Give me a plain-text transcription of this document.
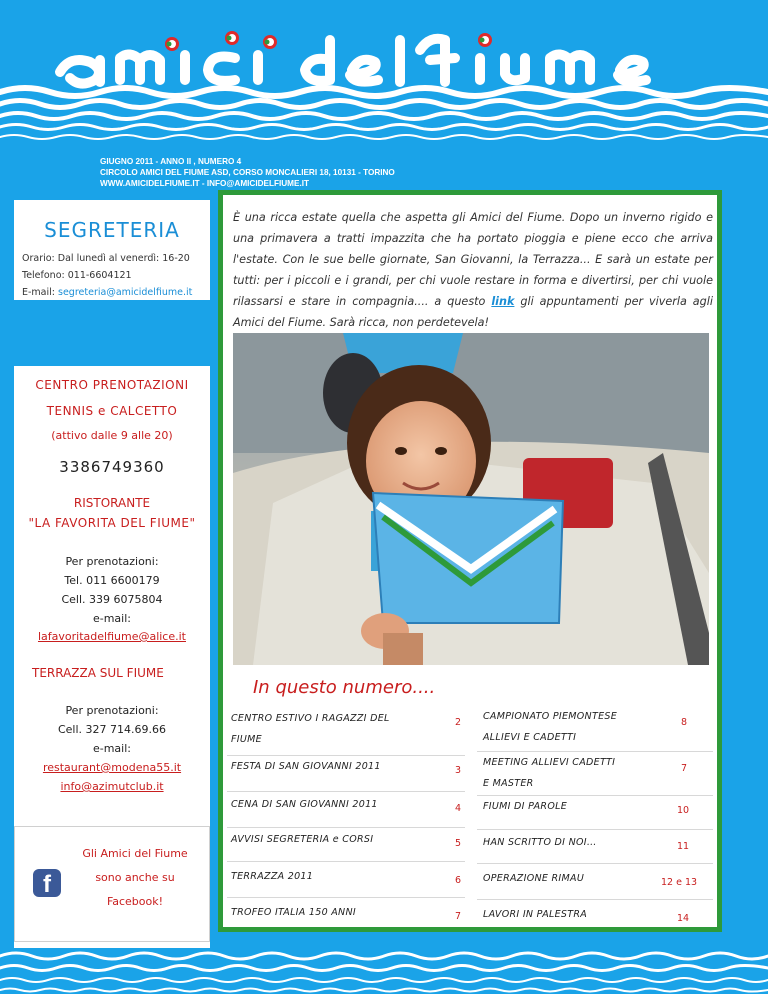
GIUGNO 2011 - ANNO II , NUMERO 4
CIRCOLO AMICI DEL FIUME ASD, CORSO MONCALIERI 18, 10131 - TORINO
WWW.AMICIDELFIUME.IT - INFO@AMICIDELFIUME.IT
SEGRETERIA
Orario: Dal lunedì al venerdì: 16-20
Telefono: 011-6604121
E-mail: segreteria@amicidelfiume.it
CENTRO PRENOTAZIONI
TENNIS e CALCETTO
(attivo dalle 9 alle 20)
3386749360
RISTORANTE
"LA FAVORITA DEL FIUME"
Per prenotazioni:
Tel. 011 6600179
Cell. 339 6075804
e-mail:
lafavoritadelfiume@alice.it
TERRAZZA SUL FIUME
Per prenotazioni:
Cell. 327 714.69.66
e-mail:
restaurant@modena55.it
info@azimutclub.it
f
Gli Amici del Fiume
sono anche su
Facebook!
È una ricca estate quella che aspetta gli Amici del Fiume. Dopo un inverno rigido e una primavera a tratti impazzita che ha portato pioggia e piene ecco che arriva l'estate. Con le sue belle giornate, San Giovanni, la Terrazza... E sarà un estate per tutti: per i piccoli e i grandi, per chi vuole restare in forma e divertirsi, per chi vuole rilassarsi e stare in compagnia.... a questo link gli appuntamenti per viverla agli Amici del Fiume. Sarà ricca, non perdetevela!
In questo numero....
CENTRO ESTIVO I RAGAZZI DEL
FIUME
2
FESTA DI SAN GIOVANNI 2011	3
CENA DI SAN GIOVANNI 2011	4
AVVISI SEGRETERIA e CORSI	5
TERRAZZA 2011	6
TROFEO ITALIA 150 ANNI	7
CAMPIONATO PIEMONTESE
ALLIEVI E CADETTI
8
MEETING ALLIEVI CADETTI
E MASTER
7
FIUMI DI PAROLE	10
HAN SCRITTO DI NOI…	11
OPERAZIONE RIMAU	12 e 13
LAVORI IN PALESTRA	14
